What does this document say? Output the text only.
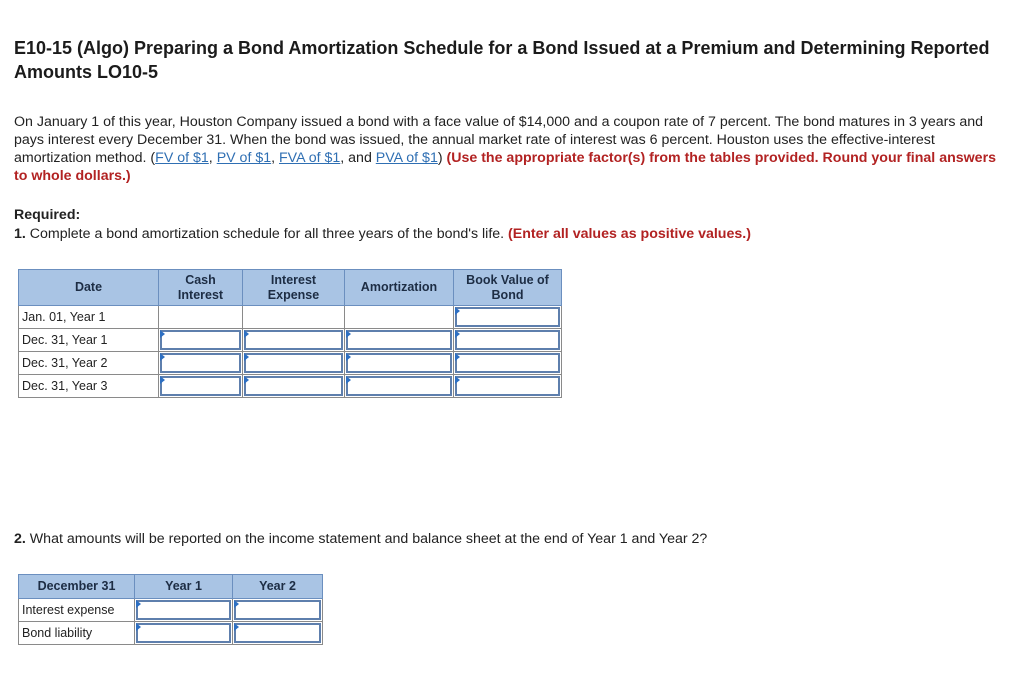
E10-15 (Algo) Preparing a Bond Amortization Schedule for a Bond Issued at a Premium and Determining Reported Amounts LO10-5

On January 1 of this year, Houston Company issued a bond with a face value of $14,000 and a coupon rate of 7 percent. The bond matures in 3 years and pays interest every December 31. When the bond was issued, the annual market rate of interest was 6 percent. Houston uses the effective-interest amortization method. (FV of $1, PV of $1, FVA of $1, and PVA of $1) (Use the appropriate factor(s) from the tables provided. Round your final answers to whole dollars.)

Required:

1. Complete a bond amortization schedule for all three years of the bond's life. (Enter all values as positive values.)

Date	Cash Interest	Interest Expense	Amortization	Book Value of Bond
Jan. 01, Year 1				

Dec. 31, Year 1	

Dec. 31, Year 2	

Dec. 31, Year 3	

2. What amounts will be reported on the income statement and balance sheet at the end of Year 1 and Year 2?

December 31	Year 1	Year 2
Interest expense	

Bond liability	
